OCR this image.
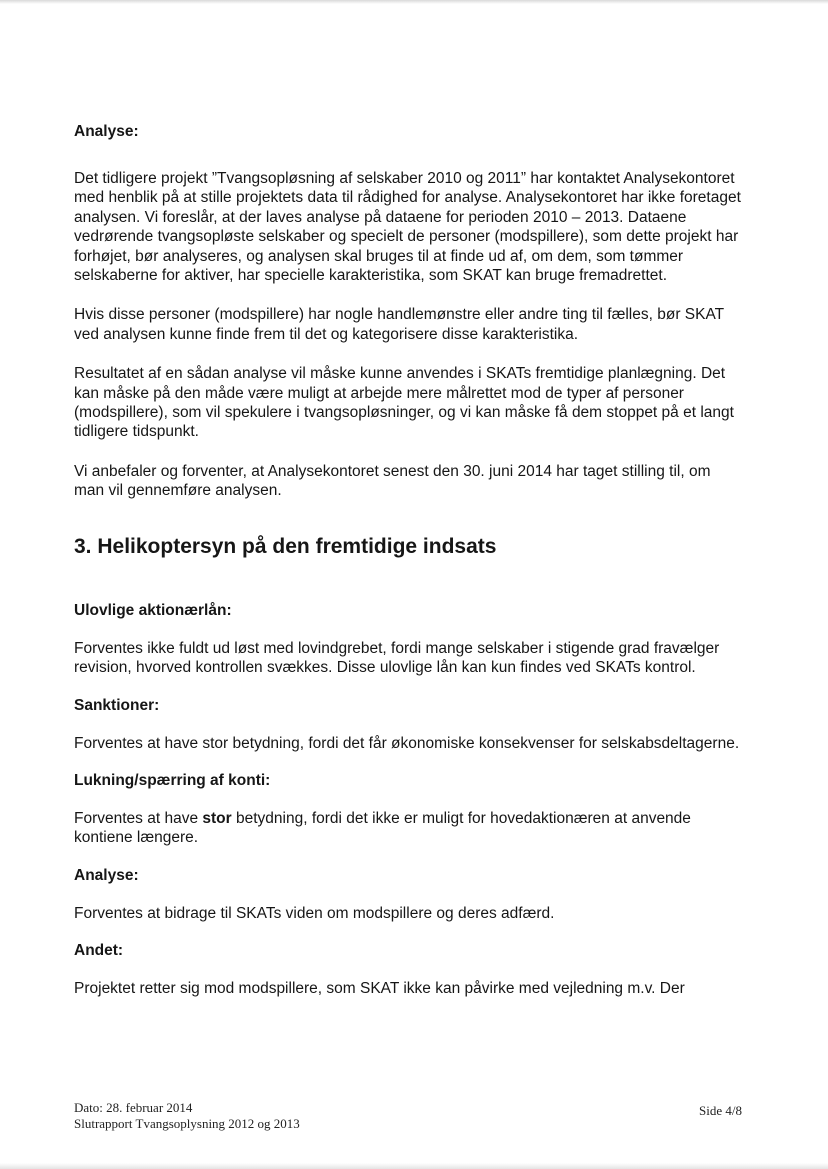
Analyse:

Det tidligere projekt ”Tvangsopløsning af selskaber 2010 og 2011” har kontaktet Analysekontoret med henblik på at stille projektets data til rådighed for analyse. Analysekontoret har ikke foretaget analysen. Vi foreslår, at der laves analyse på dataene for perioden 2010 – 2013. Dataene vedrørende tvangsopløste selskaber og specielt de personer (modspillere), som dette projekt har forhøjet, bør analyseres, og analysen skal bruges til at finde ud af, om dem, som tømmer selskaberne for aktiver, har specielle karakteristika, som SKAT kan bruge fremadrettet.

Hvis disse personer (modspillere) har nogle handlemønstre eller andre ting til fælles, bør SKAT ved analysen kunne finde frem til det og kategorisere disse karakteristika.

Resultatet af en sådan analyse vil måske kunne anvendes i SKATs fremtidige planlægning. Det kan måske på den måde være muligt at arbejde mere målrettet mod de typer af personer (modspillere), som vil spekulere i tvangsopløsninger, og vi kan måske få dem stoppet på et langt tidligere tidspunkt.

Vi anbefaler og forventer, at Analysekontoret senest den 30. juni 2014 har taget stilling til, om man vil gennemføre analysen.

3. Helikoptersyn på den fremtidige indsats

Ulovlige aktionærlån:

Forventes ikke fuldt ud løst med lovindgrebet, fordi mange selskaber i stigende grad fravælger revision, hvorved kontrollen svækkes. Disse ulovlige lån kan kun findes ved SKATs kontrol.

Sanktioner:

Forventes at have stor betydning, fordi det får økonomiske konsekvenser for selskabsdeltagerne.

Lukning/spærring af konti:

Forventes at have stor betydning, fordi det ikke er muligt for hovedaktionæren at anvende kontiene længere.

Analyse:

Forventes at bidrage til SKATs viden om modspillere og deres adfærd.

Andet:

Projektet retter sig mod modspillere, som SKAT ikke kan påvirke med vejledning m.v. Der

Dato: 28. februar 2014
Slutrapport Tvangsoplysning 2012 og 2013
Side 4/8
